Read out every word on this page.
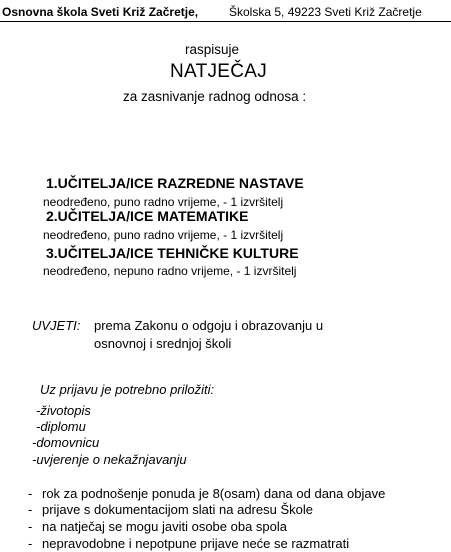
Osnovna škola Sveti Križ Začretje,	Školska 5, 49223 Sveti Križ Začretje
raspisuje
NATJEČAJ
za zasnivanje radnog odnosa :
1.UČITELJA/ICE RAZREDNE NASTAVE
neodređeno, puno radno vrijeme, - 1 izvršitelj
2.UČITELJA/ICE MATEMATIKE
neodređeno, puno radno vrijeme, - 1 izvršitelj
3.UČITELJA/ICE TEHNIČKE KULTURE
neodređeno, nepuno radno vrijeme, - 1 izvršitelj
UVJETI: prema Zakonu o odgoju i obrazovanju u
osnovnoj i srednjoj školi
Uz prijavu je potrebno priložiti:
-životopis
-diplomu
-domovnicu
-uvjerenje o nekažnjavanju
- rok za podnošenje ponuda je 8(osam) dana od dana objave
- prijave s dokumentacijom slati na adresu Škole
- na natječaj se mogu javiti osobe oba spola
- nepravodobne i nepotpune prijave neće se razmatrati
